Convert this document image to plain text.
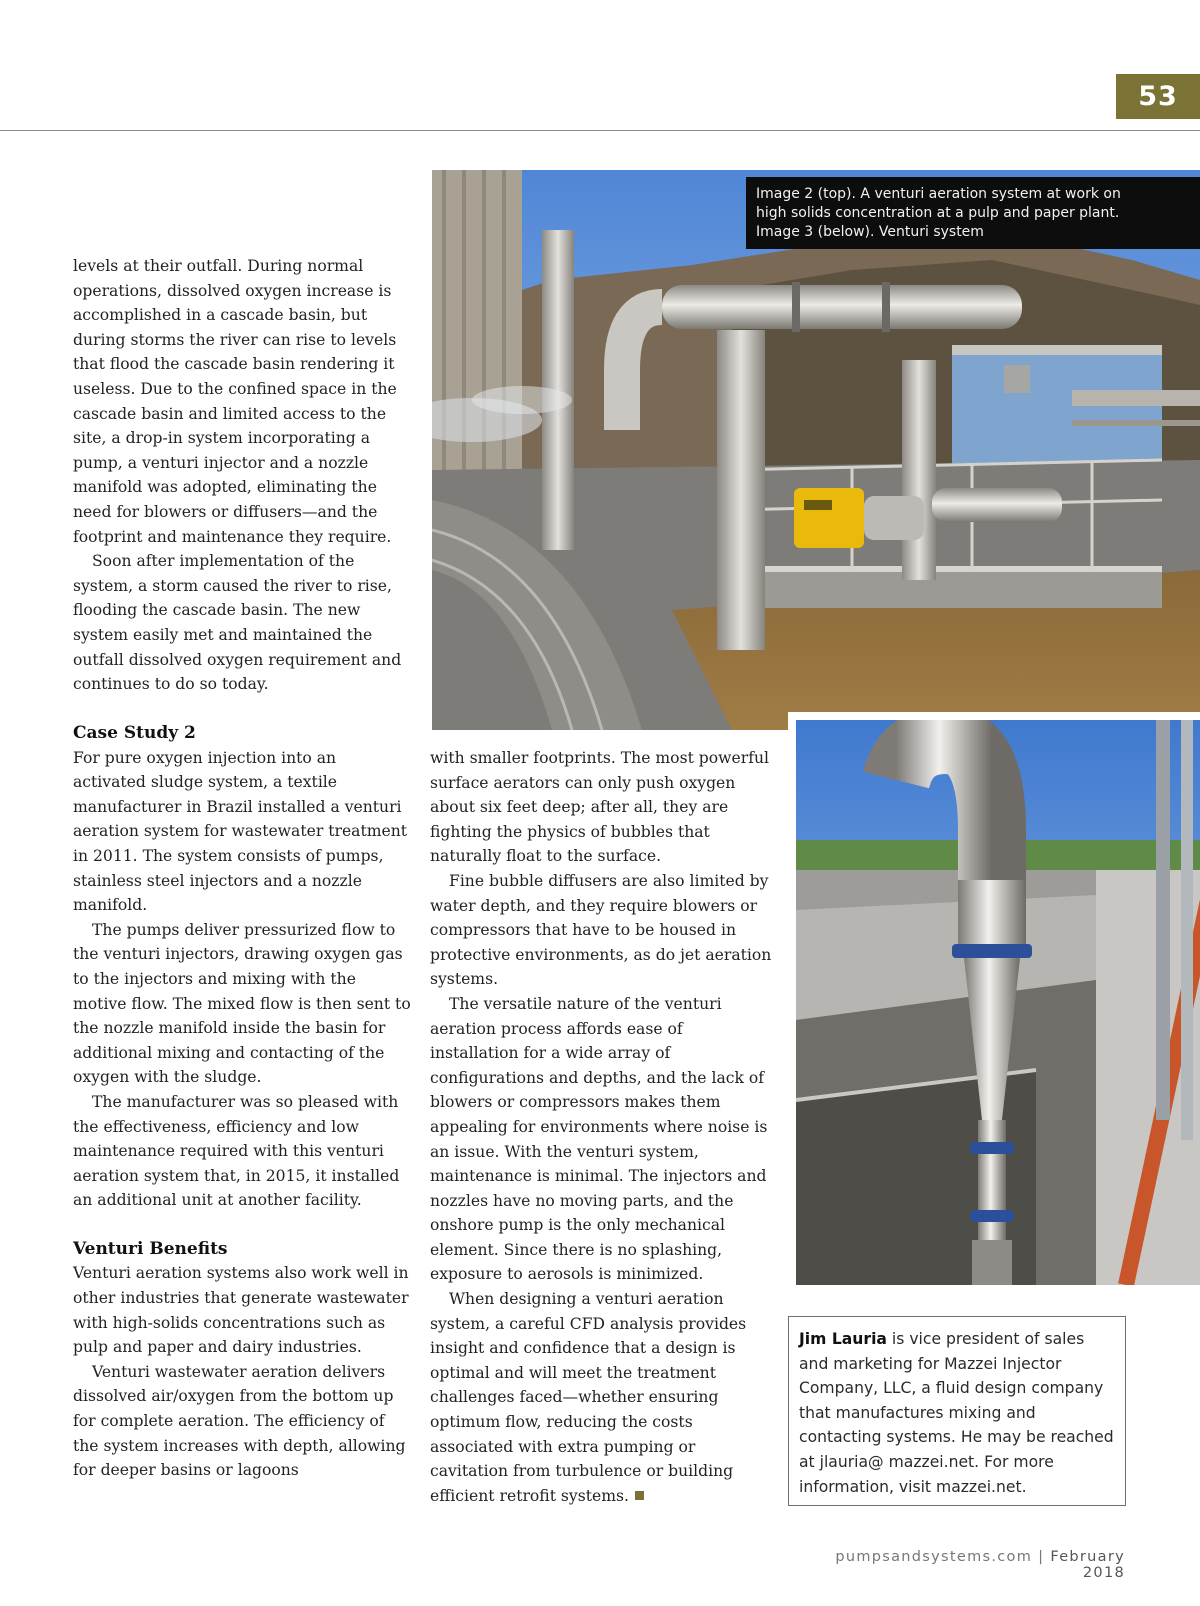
53

levels at their outfall. During normal operations, dissolved oxygen increase is accomplished in a cascade basin, but during storms the river can rise to levels that flood the cascade basin rendering it useless. Due to the confined space in the cascade basin and limited access to the site, a drop-in system incorporating a pump, a venturi injector and a nozzle manifold was adopted, eliminating the need for blowers or diffusers—and the footprint and maintenance they require.

Soon after implementation of the system, a storm caused the river to rise, flooding the cascade basin. The new system easily met and maintained the outfall dissolved oxygen requirement and continues to do so today.

Case Study 2

For pure oxygen injection into an activated sludge system, a textile manufacturer in Brazil installed a venturi aeration system for wastewater treatment in 2011. The system consists of pumps, stainless steel injectors and a nozzle manifold.

The pumps deliver pressurized flow to the venturi injectors, drawing oxygen gas to the injectors and mixing with the motive flow. The mixed flow is then sent to the nozzle manifold inside the basin for additional mixing and contacting of the oxygen with the sludge.

The manufacturer was so pleased with the effectiveness, efficiency and low maintenance required with this venturi aeration system that, in 2015, it installed an additional unit at another facility.

Venturi Benefits

Venturi aeration systems also work well in other industries that generate wastewater with high-solids concentrations such as pulp and paper and dairy industries.

Venturi wastewater aeration delivers dissolved air/oxygen from the bottom up for complete aeration. The efficiency of the system increases with depth, allowing for deeper basins or lagoons

with smaller footprints. The most powerful surface aerators can only push oxygen about six feet deep; after all, they are fighting the physics of bubbles that naturally float to the surface.

Fine bubble diffusers are also limited by water depth, and they require blowers or compressors that have to be housed in protective environments, as do jet aeration systems.

The versatile nature of the venturi aeration process affords ease of installation for a wide array of configurations and depths, and the lack of blowers or compressors makes them appealing for environments where noise is an issue. With the venturi system, maintenance is minimal. The injectors and nozzles have no moving parts, and the onshore pump is the only mechanical element. Since there is no splashing, exposure to aerosols is minimized.

When designing a venturi aeration system, a careful CFD analysis provides insight and confidence that a design is optimal and will meet the treatment challenges faced—whether ensuring optimum flow, reducing the costs associated with extra pumping or cavitation from turbulence or building efficient retrofit systems.

Image 2 (top). A venturi aeration system at work on
high solids concentration at a pulp and paper plant.
Image 3 (below). Venturi system
Jim Lauria is vice president of sales and marketing for Mazzei Injector Company, LLC, a fluid design company that manufactures mixing and contacting systems. He may be reached at jlauria@ mazzei.net. For more information, visit mazzei.net.
pumpsandsystems.com | February 2018
